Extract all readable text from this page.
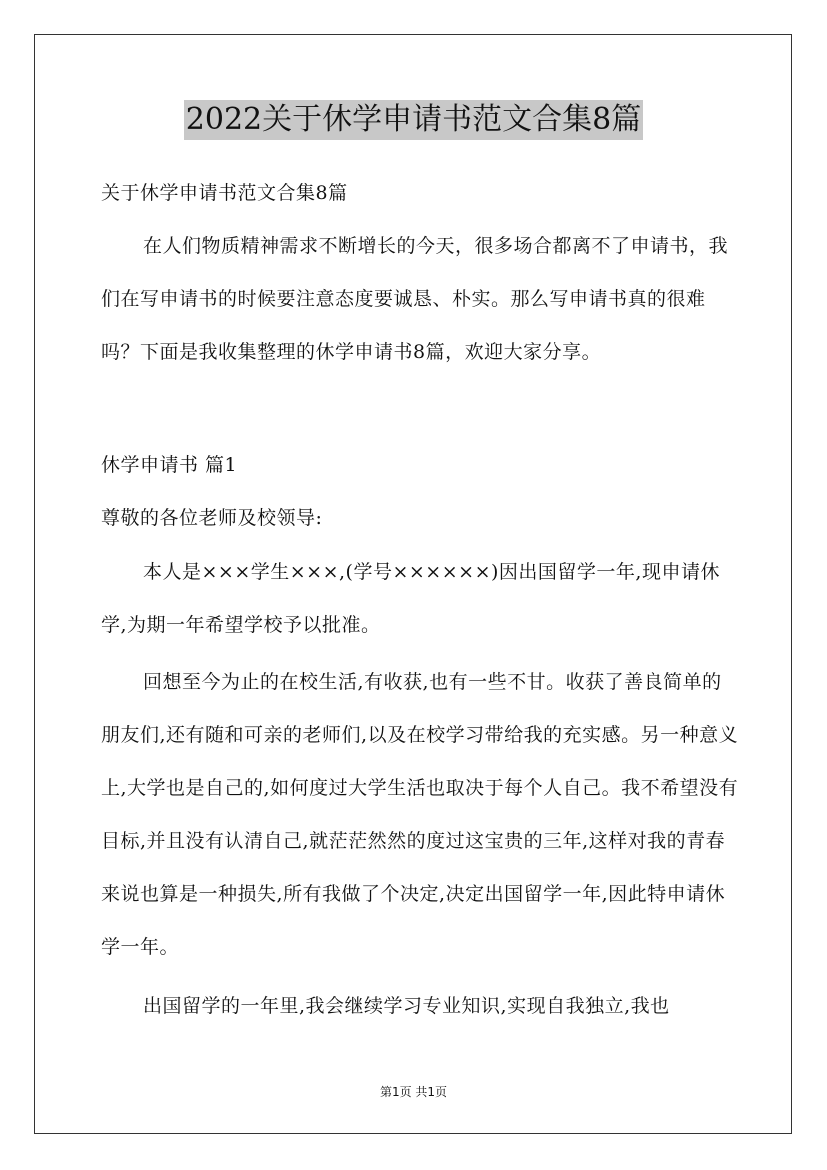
2022关于休学申请书范文合集8篇

关于休学申请书范文合集8篇

在人们物质精神需求不断增长的今天，很多场合都离不了申请书，我们在写申请书的时候要注意态度要诚恳、朴实。那么写申请书真的很难吗？下面是我收集整理的休学申请书8篇，欢迎大家分享。

休学申请书 篇1

尊敬的各位老师及校领导:

本人是×××学生×××,(学号××××××)因出国留学一年,现申请休学,为期一年希望学校予以批准。

回想至今为止的在校生活,有收获,也有一些不甘。收获了善良简单的朋友们,还有随和可亲的老师们,以及在校学习带给我的充实感。另一种意义上,大学也是自己的,如何度过大学生活也取决于每个人自己。我不希望没有目标,并且没有认清自己,就茫茫然然的度过这宝贵的三年,这样对我的青春来说也算是一种损失,所有我做了个决定,决定出国留学一年,因此特申请休学一年。

出国留学的一年里,我会继续学习专业知识,实现自我独立,我也

第1页 共1页
